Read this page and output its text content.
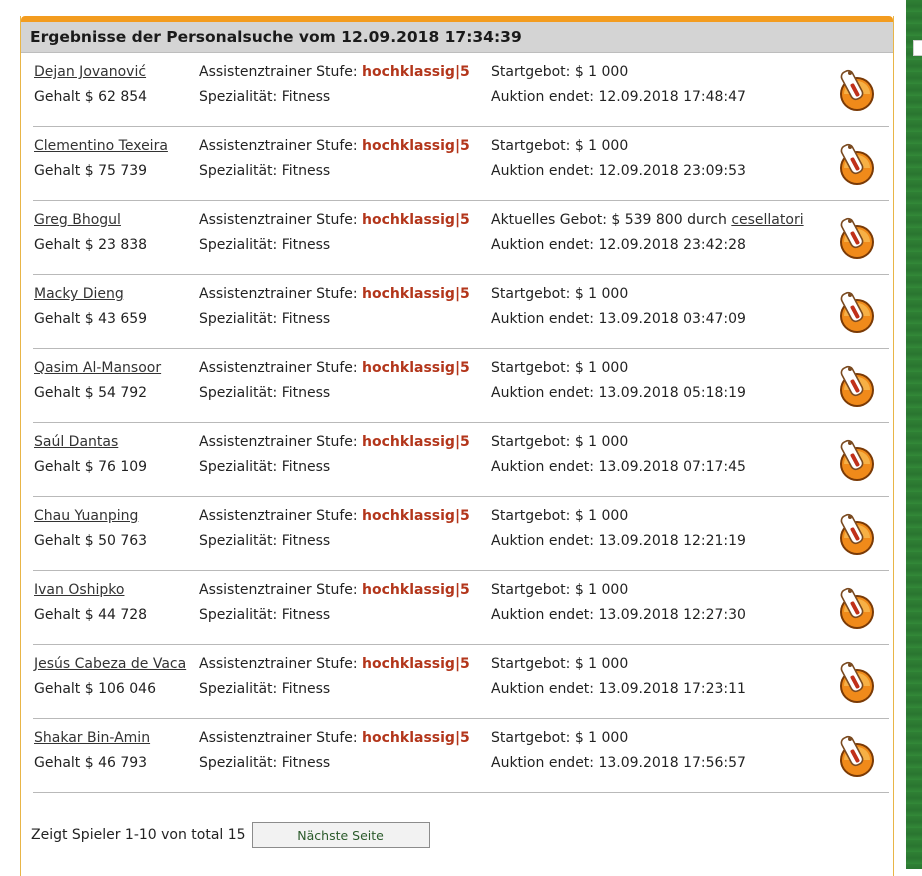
Ergebnisse der Personalsuche vom 12.09.2018 17:34:39
Dejan Jovanović
Gehalt $ 62 854
Assistenztrainer Stufe: hochklassig|5
Spezialität: Fitness
Startgebot: $ 1 000
Auktion endet: 12.09.2018 17:48:47
Clementino Texeira
Gehalt $ 75 739
Assistenztrainer Stufe: hochklassig|5
Spezialität: Fitness
Startgebot: $ 1 000
Auktion endet: 12.09.2018 23:09:53
Greg Bhogul
Gehalt $ 23 838
Assistenztrainer Stufe: hochklassig|5
Spezialität: Fitness
Aktuelles Gebot: $ 539 800 durch cesellatori
Auktion endet: 12.09.2018 23:42:28
Macky Dieng
Gehalt $ 43 659
Assistenztrainer Stufe: hochklassig|5
Spezialität: Fitness
Startgebot: $ 1 000
Auktion endet: 13.09.2018 03:47:09
Qasim Al-Mansoor
Gehalt $ 54 792
Assistenztrainer Stufe: hochklassig|5
Spezialität: Fitness
Startgebot: $ 1 000
Auktion endet: 13.09.2018 05:18:19
Saúl Dantas
Gehalt $ 76 109
Assistenztrainer Stufe: hochklassig|5
Spezialität: Fitness
Startgebot: $ 1 000
Auktion endet: 13.09.2018 07:17:45
Chau Yuanping
Gehalt $ 50 763
Assistenztrainer Stufe: hochklassig|5
Spezialität: Fitness
Startgebot: $ 1 000
Auktion endet: 13.09.2018 12:21:19
Ivan Oshipko
Gehalt $ 44 728
Assistenztrainer Stufe: hochklassig|5
Spezialität: Fitness
Startgebot: $ 1 000
Auktion endet: 13.09.2018 12:27:30
Jesús Cabeza de Vaca
Gehalt $ 106 046
Assistenztrainer Stufe: hochklassig|5
Spezialität: Fitness
Startgebot: $ 1 000
Auktion endet: 13.09.2018 17:23:11
Shakar Bin-Amin
Gehalt $ 46 793
Assistenztrainer Stufe: hochklassig|5
Spezialität: Fitness
Startgebot: $ 1 000
Auktion endet: 13.09.2018 17:56:57
Zeigt Spieler 1-10 von total 15	Nächste Seite
